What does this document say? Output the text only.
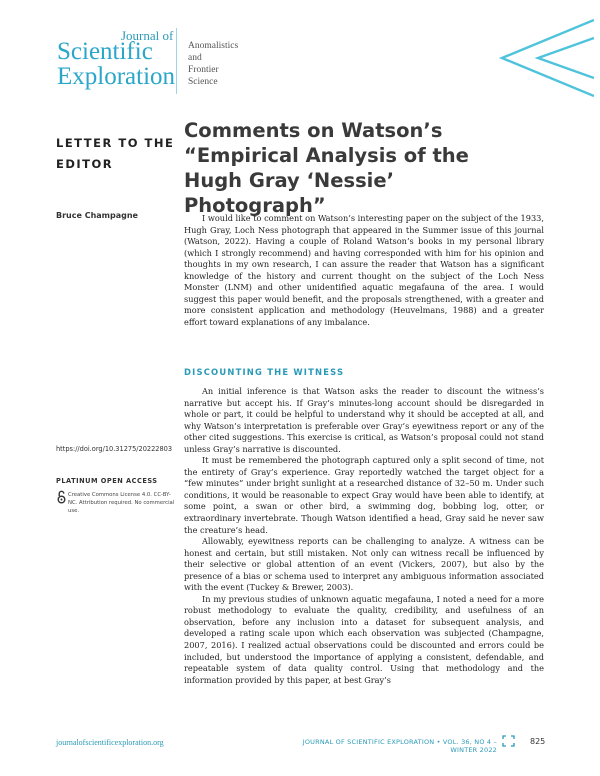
Journal of
Scientific
Exploration
Anomalistics
and
Frontier
Science
LETTER TO THE EDITOR
Comments on Watson’s “Empirical Analysis of the Hugh Gray ‘Nessie’ Photograph”
Bruce Champagne
https://doi.org/10.31275/20222803
PLATINUM OPEN ACCESS
Creative Commons License 4.0. CC-BY-NC. Attribution required. No commercial use.

I would like to comment on Watson’s interesting paper on the subject of the 1933, Hugh Gray, Loch Ness photograph that appeared in the Summer issue of this journal (Watson, 2022). Having a couple of Roland Watson’s books in my personal library (which I strongly recommend) and having corresponded with him for his opinion and thoughts in my own research, I can assure the reader that Watson has a significant knowledge of the history and current thought on the subject of the Loch Ness Monster (LNM) and other unidentified aquatic megafauna of the area. I would suggest this paper would benefit, and the proposals strengthened, with a greater and more consistent application and methodology (Heuvelmans, 1988) and a greater effort toward explanations of any imbalance.

DISCOUNTING THE WITNESS

An initial inference is that Watson asks the reader to discount the witness’s narrative but accept his. If Gray’s minutes-long account should be disregarded in whole or part, it could be helpful to understand why it should be accepted at all, and why Watson’s interpretation is preferable over Gray’s eyewitness report or any of the other cited suggestions. This exercise is critical, as Watson’s proposal could not stand unless Gray’s narrative is discounted.

It must be remembered the photograph captured only a split second of time, not the entirety of Gray’s experience. Gray reportedly watched the target object for a “few minutes” under bright sunlight at a researched distance of 32–50 m. Under such conditions, it would be reasonable to expect Gray would have been able to identify, at some point, a swan or other bird, a swimming dog, bobbing log, otter, or extraordinary invertebrate. Though Watson identified a head, Gray said he never saw the creature’s head.

Allowably, eyewitness reports can be challenging to analyze. A witness can be honest and certain, but still mistaken. Not only can witness recall be influenced by their selective or global attention of an event (Vickers, 2007), but also by the presence of a bias or schema used to interpret any ambiguous information associated with the event (Tuckey & Brewer, 2003).

In my previous studies of unknown aquatic megafauna, I noted a need for a more robust methodology to evaluate the quality, credibility, and usefulness of an observation, before any inclusion into a dataset for subsequent analysis, and developed a rating scale upon which each observation was subjected (Champagne, 2007, 2016). I realized actual observations could be discounted and errors could be included, but understood the importance of applying a consistent, defendable, and repeatable system of data quality control. Using that methodology and the information provided by this paper, at best Gray’s

journalofscientificexploration.org	JOURNAL OF SCIENTIFIC EXPLORATION • VOL. 36, NO 4 – WINTER 2022
825
